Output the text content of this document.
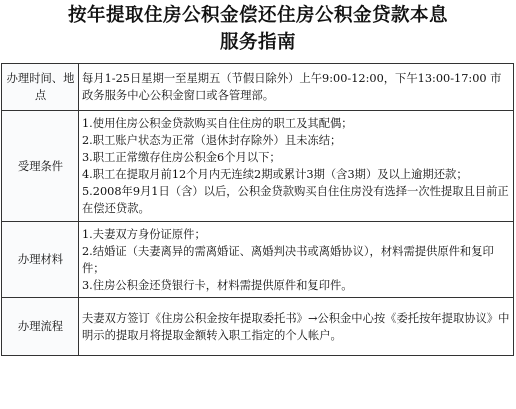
按年提取住房公积金偿还住房公积金贷款本息
服务指南
办理时间、地点	每月1-25日星期一至星期五（节假日除外）上午9:00-12:00，下午13:00-17:00 市政务服务中心公积金窗口或各管理部。
受理条件	1.使用住房公积金贷款购买自住住房的职工及其配偶；
2.职工账户状态为正常（退休封存除外）且未冻结；
3.职工正常缴存住房公积金6个月以下；
4.职工在提取月前12个月内无连续2期或累计3期（含3期）及以上逾期还款；
5.2008年9月1日（含）以后，公积金贷款购买自住住房没有选择一次性提取且目前正在偿还贷款。

办理材料	1.夫妻双方身份证原件；
2.结婚证（夫妻离异的需离婚证、离婚判决书或离婚协议），材料需提供原件和复印件；
3.住房公积金还贷银行卡，材料需提供原件和复印件。

办理流程	夫妻双方签订《住房公积金按年提取委托书》→公积金中心按《委托按年提取协议》中明示的提取月将提取金额转入职工指定的个人帐户。
